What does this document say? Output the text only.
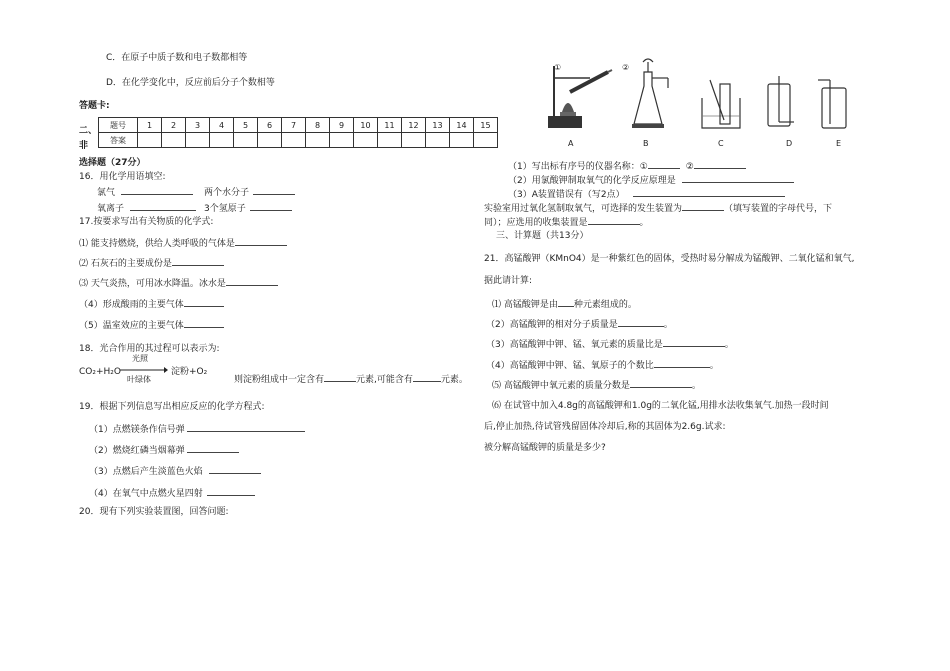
C．在原子中质子数和电子数都相等
D．在化学变化中，反应前后分子个数相等
答题卡:
二、
非
选择题（27分）
题号	1	2	3	4	5	6	7	8	9	10	11	12	13	14	15
答案															
16．用化学用语填空:
氯气	两个水分子
氧离子	3个氢原子
17.按要求写出有关物质的化学式:
⑴ 能支持燃烧，供给人类呼吸的气体是
⑵ 石灰石的主要成份是
⑶ 天气炎热，可用冰水降温。冰水是
（4）形成酸雨的主要气体
（5）温室效应的主要气体
18．光合作用的其过程可以表示为:
CO₂+H₂O
光照
叶绿体
淀粉+O₂
则淀粉组成中一定含有	元素,可能含有	元素。
19．根据下列信息写出相应反应的化学方程式:
（1）点燃镁条作信号弹
（2）燃烧红磷当烟幕弹
（3）点燃后产生淡蓝色火焰
（4）在氧气中点燃火星四射
20．现有下列实验装置图，回答问题:
①	②
A	B	C	D	E
（1）写出标有序号的仪器名称：①	②
（2）用氯酸钾制取氧气的化学反应原理是
（3）A装置错误有（写2点）
实验室用过氧化氢制取氧气，可选择的发生装置为	（填写装置的字母代号，下
同）；应选用的收集装置是	。
三、计算题（共13分）
21．高锰酸钾（KMnO4）是一种紫红色的固体，受热时易分解成为锰酸钾、二氧化锰和氧气,
据此请计算:
⑴ 高锰酸钾是由 种元素组成的。
（2）高锰酸钾的相对分子质量是	。
（3）高锰酸钾中钾、锰、氧元素的质量比是	。
（4）高锰酸钾中钾、锰、氧原子的个数比	。
⑸ 高锰酸钾中氧元素的质量分数是	。
⑹ 在试管中加入4.8g的高锰酸钾和1.0g的二氧化锰,用排水法收集氧气.加热一段时间
后,停止加热,待试管残留固体冷却后,称的其固体为2.6g.试求:
被分解高锰酸钾的质量是多少?
